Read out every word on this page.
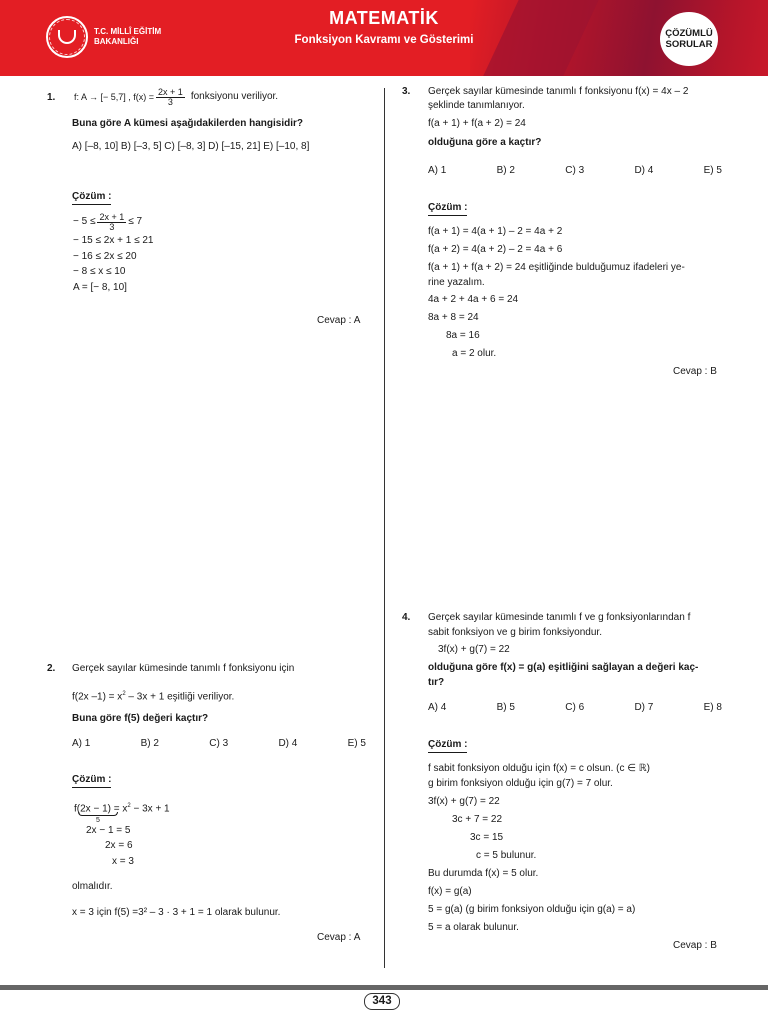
T.C. MİLLÎ EĞİTİM
BAKANLIĞI
MATEMATİK
Fonksiyon Kavramı ve Gösterimi
ÇÖZÜMLÜ
SORULAR
1. f: A → [− 5,7] , $f(x) = \frac{2x + 1}{3}$ fonksiyonu veriliyor.
Buna göre A kümesi aşağıdakilerden hangisidir?
A) [–8, 10] B) [–3, 5] C) [–8, 3] D) [–15, 21] E) [–10, 8]
Çözüm :
− $5 \le \frac{2x + 1}{3} \le 7$
− 15 ≤ 2x + 1 ≤ 21
− 16 ≤ 2x ≤ 20
− 8 ≤ x ≤ 10
A = [− 8, 10]
Cevap : A
2. Gerçek sayılar kümesinde tanımlı f fonksiyonu için
f(2x $-1) = x^2 - 3x + 1$ eşitliği veriliyor.
Buna göre f(5) değeri kaçtır?
A) 1	B) 2	C) 3	D) 4	E) 5
Çözüm :
$f(2x - 1) = x^2 - 3x + 1$
5
2x − 1 = 5
2x = 6
x = 3
olmalıdır.
x = 3 için f(5) =3² – 3 · 3 + 1 = 1 olarak bulunur.
Cevap : A
3. Gerçek sayılar kümesinde tanımlı f fonksiyonu f(x) = 4x – 2
şeklinde tanımlanıyor.
f(a + 1) + f(a + 2) = 24
olduğuna göre a kaçtır?
A) 1	B) 2	C) 3	D) 4	E) 5
Çözüm :
f(a + 1) = 4(a + 1) – 2 = 4a + 2
f(a + 2) = 4(a + 2) – 2 = 4a + 6
f(a + 1) + f(a + 2) = 24 eşitliğinde bulduğumuz ifadeleri ye-
rine yazalım.
4a + 2 + 4a + 6 = 24
8a + 8 = 24
8a = 16
a = 2 olur.
Cevap : B
4. Gerçek sayılar kümesinde tanımlı f ve g fonksiyonlarından f
sabit fonksiyon ve g birim fonksiyondur.
3f(x) + g(7) = 22
olduğuna göre f(x) = g(a) eşitliğini sağlayan a değeri kaç-
tır?
A) 4	B) 5	C) 6	D) 7	E) 8
Çözüm :
f sabit fonksiyon olduğu için f(x) = c olsun. (c ∈ ℝ)
g birim fonksiyon olduğu için g(7) = 7 olur.
3f(x) + g(7) = 22
3c + 7 = 22
3c = 15
c = 5 bulunur.
Bu durumda f(x) = 5 olur.
f(x) = g(a)
5 = g(a) (g birim fonksiyon olduğu için g(a) = a)
5 = a olarak bulunur.
Cevap : B
343
